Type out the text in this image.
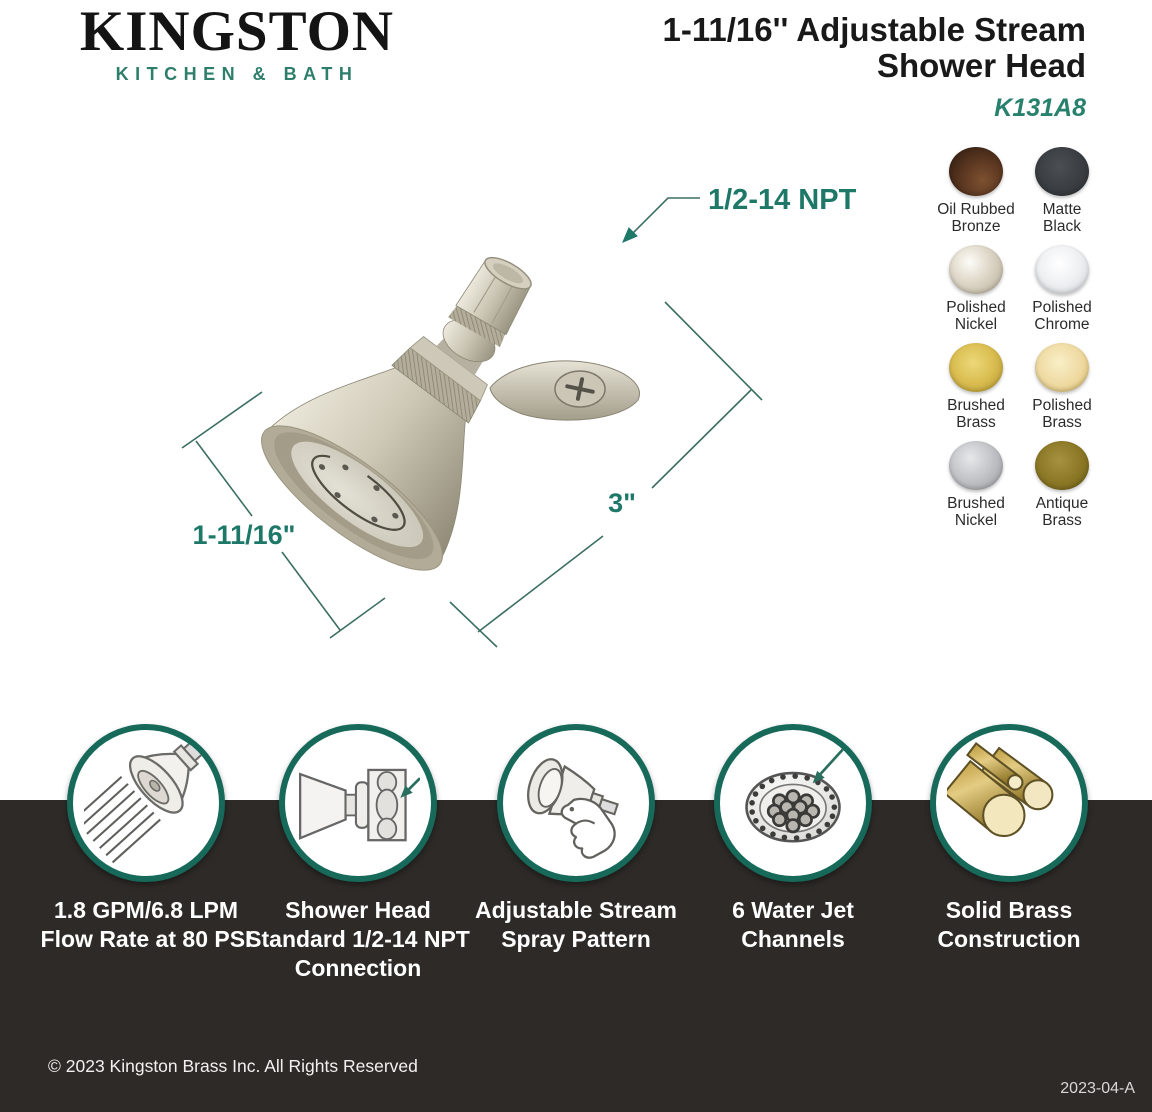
KINGSTON
KITCHEN & BATH
1-11/16'' Adjustable Stream
Shower Head
K131A8
1/2-14 NPT
1-11/16"
3"
Oil Rubbed
Bronze
Matte
Black
Polished
Nickel
Polished
Chrome
Brushed
Brass
Polished
Brass
Brushed
Nickel
Antique
Brass
1.8 GPM/6.8 LPM
Flow Rate at 80 PSI
Shower Head
Standard 1/2-14 NPT
Connection
Adjustable Stream
Spray Pattern
6 Water Jet
Channels
Solid Brass
Construction
© 2023 Kingston Brass Inc. All Rights Reserved
2023-04-A
